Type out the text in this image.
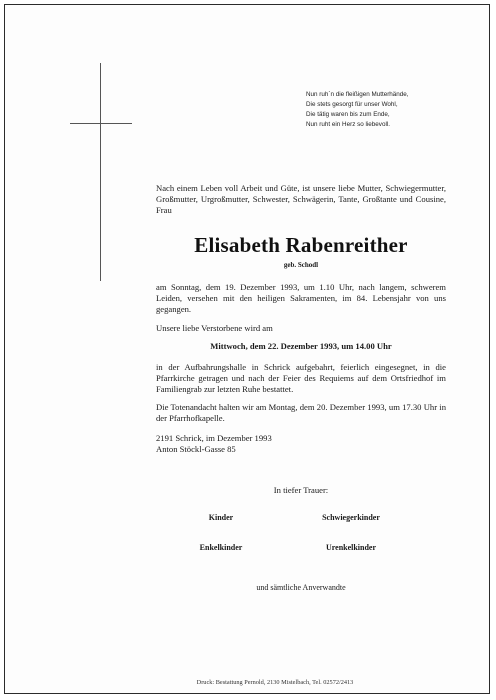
Nun ruh`n die fleißigen Mutterhände,
Die stets gesorgt für unser Wohl,
Die tätig waren bis zum Ende,
Nun ruht ein Herz so liebevoll.
Nach einem Leben voll Arbeit und Güte, ist unsere liebe Mutter, Schwiegermutter, Großmutter, Urgroßmutter, Schwester, Schwägerin, Tante, Großtante und Cousine, Frau
Elisabeth Rabenreither
geb. Schodl
am Sonntag, dem 19. Dezember 1993, um 1.10 Uhr, nach langem, schwerem Leiden, versehen mit den heiligen Sakramenten, im 84. Lebensjahr von uns gegangen.
Unsere liebe Verstorbene wird am
Mittwoch, dem 22. Dezember 1993, um 14.00 Uhr
in der Aufbahrungshalle in Schrick aufgebahrt, feierlich eingesegnet, in die Pfarrkirche getragen und nach der Feier des Requiems auf dem Ortsfriedhof im Familiengrab zur letzten Ruhe bestattet.
Die Totenandacht halten wir am Montag, dem 20. Dezember 1993, um 17.30 Uhr in der Pfarrhofkapelle.
2191 Schrick, im Dezember 1993
Anton Stöckl-Gasse 85
In tiefer Trauer:
Kinder	Schwiegerkinder
Enkelkinder	Urenkelkinder
und sämtliche Anverwandte
Druck: Bestattung Pernold, 2130 Mistelbach, Tel. 02572/2413
